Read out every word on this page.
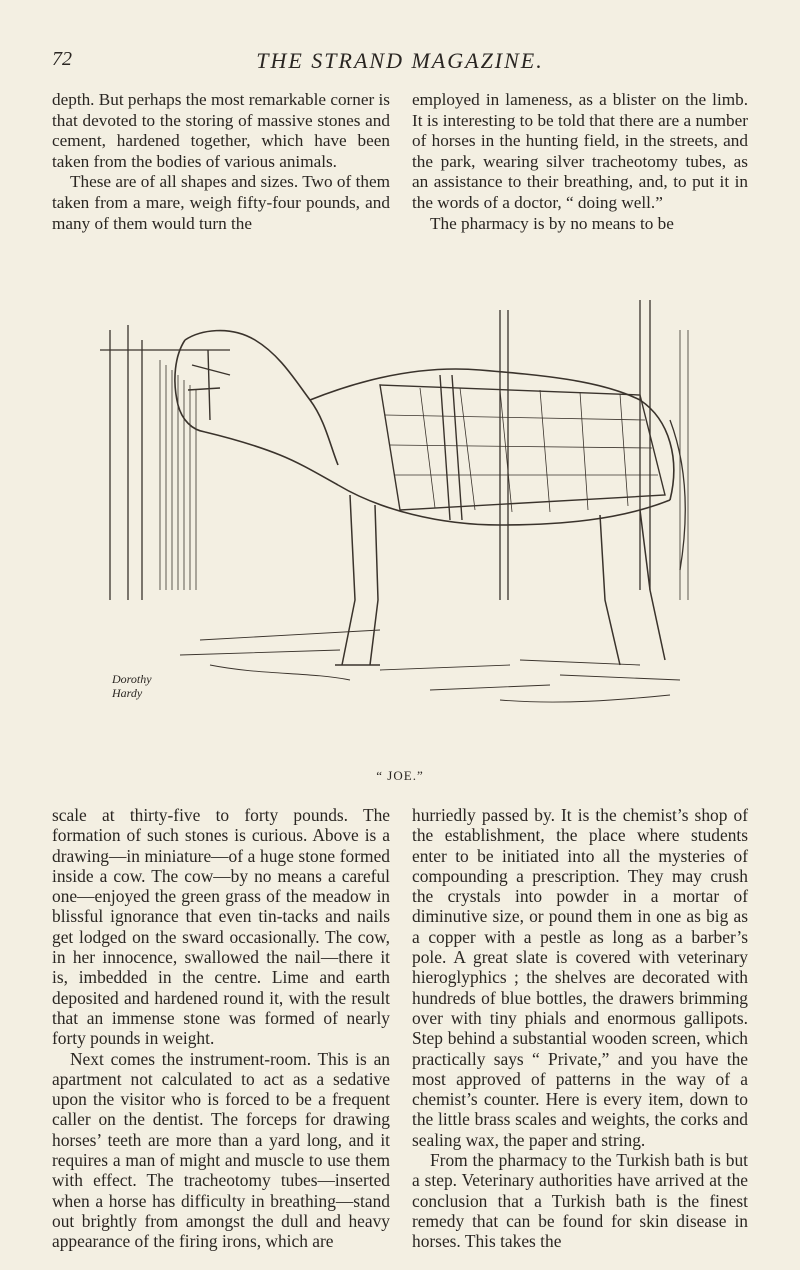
72	THE STRAND MAGAZINE.

depth. But perhaps the most remarkable corner is that devoted to the storing of massive stones and cement, hardened together, which have been taken from the bodies of various animals.

These are of all shapes and sizes. Two of them taken from a mare, weigh fifty-four pounds, and many of them would turn the

employed in lameness, as a blister on the limb. It is interesting to be told that there are a number of horses in the hunting field, in the streets, and the park, wearing silver tracheotomy tubes, as an assistance to their breathing, and, to put it in the words of a doctor, “ doing well.”

The pharmacy is by no means to be

Dorothy
Hardy
“ JOE.”

scale at thirty-five to forty pounds. The formation of such stones is curious. Above is a drawing—in miniature—of a huge stone formed inside a cow. The cow—by no means a careful one—enjoyed the green grass of the meadow in blissful ignorance that even tin-tacks and nails get lodged on the sward occasionally. The cow, in her innocence, swallowed the nail—there it is, imbedded in the centre. Lime and earth deposited and hardened round it, with the result that an immense stone was formed of nearly forty pounds in weight.

Next comes the instrument-room. This is an apartment not calculated to act as a sedative upon the visitor who is forced to be a frequent caller on the dentist. The forceps for drawing horses’ teeth are more than a yard long, and it requires a man of might and muscle to use them with effect. The tracheotomy tubes—inserted when a horse has difficulty in breathing—stand out brightly from amongst the dull and heavy appearance of the firing irons, which are

hurriedly passed by. It is the chemist’s shop of the establishment, the place where students enter to be initiated into all the mysteries of compounding a prescription. They may crush the crystals into powder in a mortar of diminutive size, or pound them in one as big as a copper with a pestle as long as a barber’s pole. A great slate is covered with veterinary hieroglyphics ; the shelves are decorated with hundreds of blue bottles, the drawers brimming over with tiny phials and enormous gallipots. Step behind a substantial wooden screen, which practically says “ Private,” and you have the most approved of patterns in the way of a chemist’s counter. Here is every item, down to the little brass scales and weights, the corks and sealing wax, the paper and string.

From the pharmacy to the Turkish bath is but a step. Veterinary authorities have arrived at the conclusion that a Turkish bath is the finest remedy that can be found for skin disease in horses. This takes the
